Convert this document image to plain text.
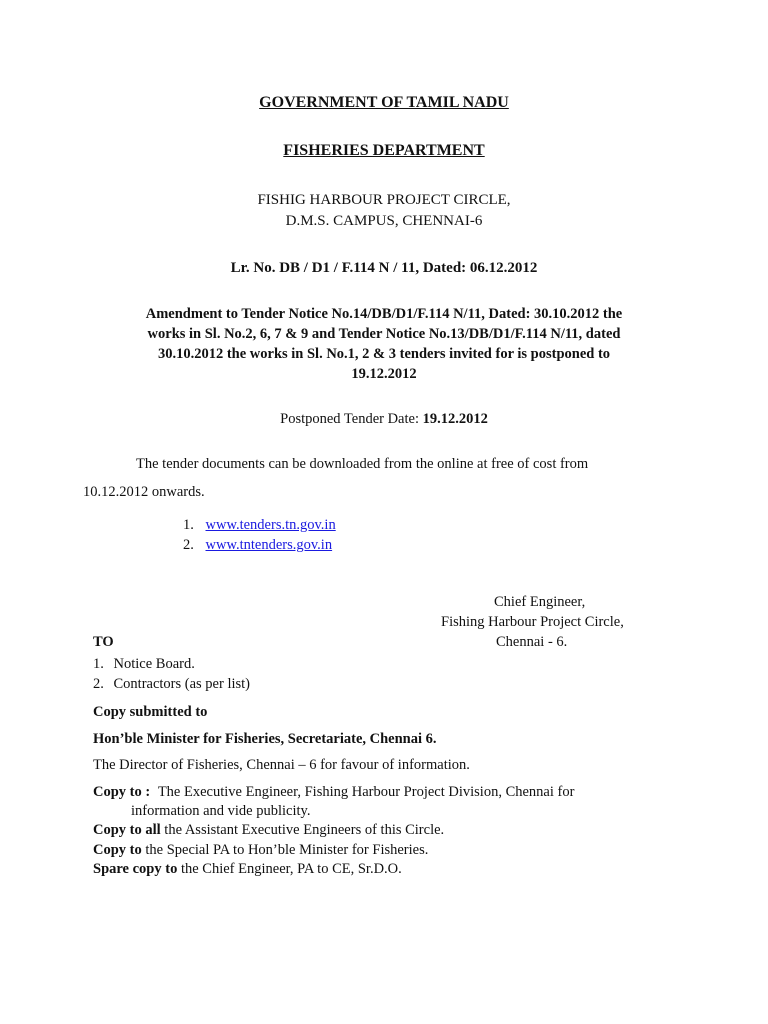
GOVERNMENT OF TAMIL NADU
FISHERIES DEPARTMENT
FISHIG HARBOUR PROJECT CIRCLE,
D.M.S. CAMPUS, CHENNAI-6
Lr. No. DB / D1 / F.114 N / 11, Dated: 06.12.2012
Amendment to Tender Notice No.14/DB/D1/F.114 N/11, Dated: 30.10.2012 the
works in Sl. No.2, 6, 7 & 9 and Tender Notice No.13/DB/D1/F.114 N/11, dated
30.10.2012 the works in Sl. No.1, 2 & 3 tenders invited for is postponed to
19.12.2012
Postponed Tender Date: 19.12.2012
The tender documents can be downloaded from the online at free of cost from
10.12.2012 onwards.
1. www.tenders.tn.gov.in
2. www.tntenders.gov.in
Chief Engineer,
Fishing Harbour Project Circle,
Chennai - 6.
TO
1. Notice Board.
2. Contractors (as per list)
Copy submitted to
Hon’ble Minister for Fisheries, Secretariate, Chennai 6.
The Director of Fisheries, Chennai – 6 for favour of information.
Copy to : The Executive Engineer, Fishing Harbour Project Division, Chennai for
information and vide publicity.
Copy to all the Assistant Executive Engineers of this Circle.
Copy to the Special PA to Hon’ble Minister for Fisheries.
Spare copy to the Chief Engineer, PA to CE, Sr.D.O.
